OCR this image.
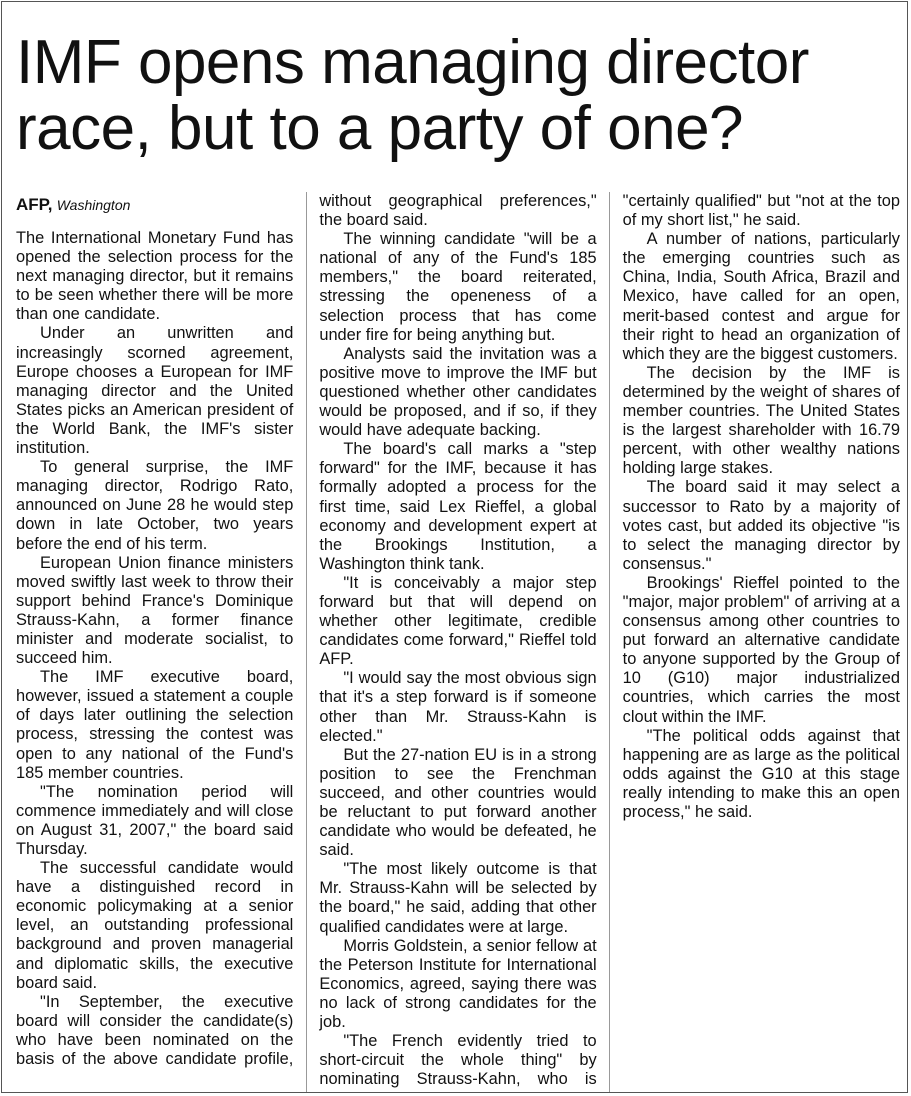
IMF opens managing director race, but to a party of one?
AFP, Washington

The International Monetary Fund has opened the selection process for the next managing director, but it remains to be seen whether there will be more than one candidate.

Under an unwritten and increasingly scorned agreement, Europe chooses a European for IMF managing director and the United States picks an American president of the World Bank, the IMF's sister institution.

To general surprise, the IMF managing director, Rodrigo Rato, announced on June 28 he would step down in late October, two years before the end of his term.

European Union finance ministers moved swiftly last week to throw their support behind France's Dominique Strauss-Kahn, a former finance minister and moderate socialist, to succeed him.

The IMF executive board, however, issued a statement a couple of days later outlining the selection process, stressing the contest was open to any national of the Fund's 185 member countries.

"The nomination period will commence immediately and will close on August 31, 2007," the board said Thursday.

The successful candidate would have a distinguished record in economic policymaking at a senior level, an outstanding professional background and proven managerial and diplomatic skills, the executive board said.

"In September, the executive board will consider the candidate(s) who have been nominated on the basis of the above candidate profile, without geographical preferences," the board said.

The winning candidate "will be a national of any of the Fund's 185 members," the board reiterated, stressing the openeness of a selection process that has come under fire for being anything but.

Analysts said the invitation was a positive move to improve the IMF but questioned whether other candidates would be proposed, and if so, if they would have adequate backing.

The board's call marks a "step forward" for the IMF, because it has formally adopted a process for the first time, said Lex Rieffel, a global economy and development expert at the Brookings Institution, a Washington think tank.

"It is conceivably a major step forward but that will depend on whether other legitimate, credible candidates come forward," Rieffel told AFP.

"I would say the most obvious sign that it's a step forward is if someone other than Mr. Strauss-Kahn is elected."

But the 27-nation EU is in a strong position to see the Frenchman succeed, and other countries would be reluctant to put forward another candidate who would be defeated, he said.

"The most likely outcome is that Mr. Strauss-Kahn will be selected by the board," he said, adding that other qualified candidates were at large.

Morris Goldstein, a senior fellow at the Peterson Institute for International Economics, agreed, saying there was no lack of strong candidates for the job.

"The French evidently tried to short-circuit the whole thing" by nominating Strauss-Kahn, who is "certainly qualified" but "not at the top of my short list," he said.

A number of nations, particularly the emerging countries such as China, India, South Africa, Brazil and Mexico, have called for an open, merit-based contest and argue for their right to head an organization of which they are the biggest customers.

The decision by the IMF is determined by the weight of shares of member countries. The United States is the largest shareholder with 16.79 percent, with other wealthy nations holding large stakes.

The board said it may select a successor to Rato by a majority of votes cast, but added its objective "is to select the managing director by consensus."

Brookings' Rieffel pointed to the "major, major problem" of arriving at a consensus among other countries to put forward an alternative candidate to anyone supported by the Group of 10 (G10) major industrialized countries, which carries the most clout within the IMF.

"The political odds against that happening are as large as the political odds against the G10 at this stage really intending to make this an open process," he said.
